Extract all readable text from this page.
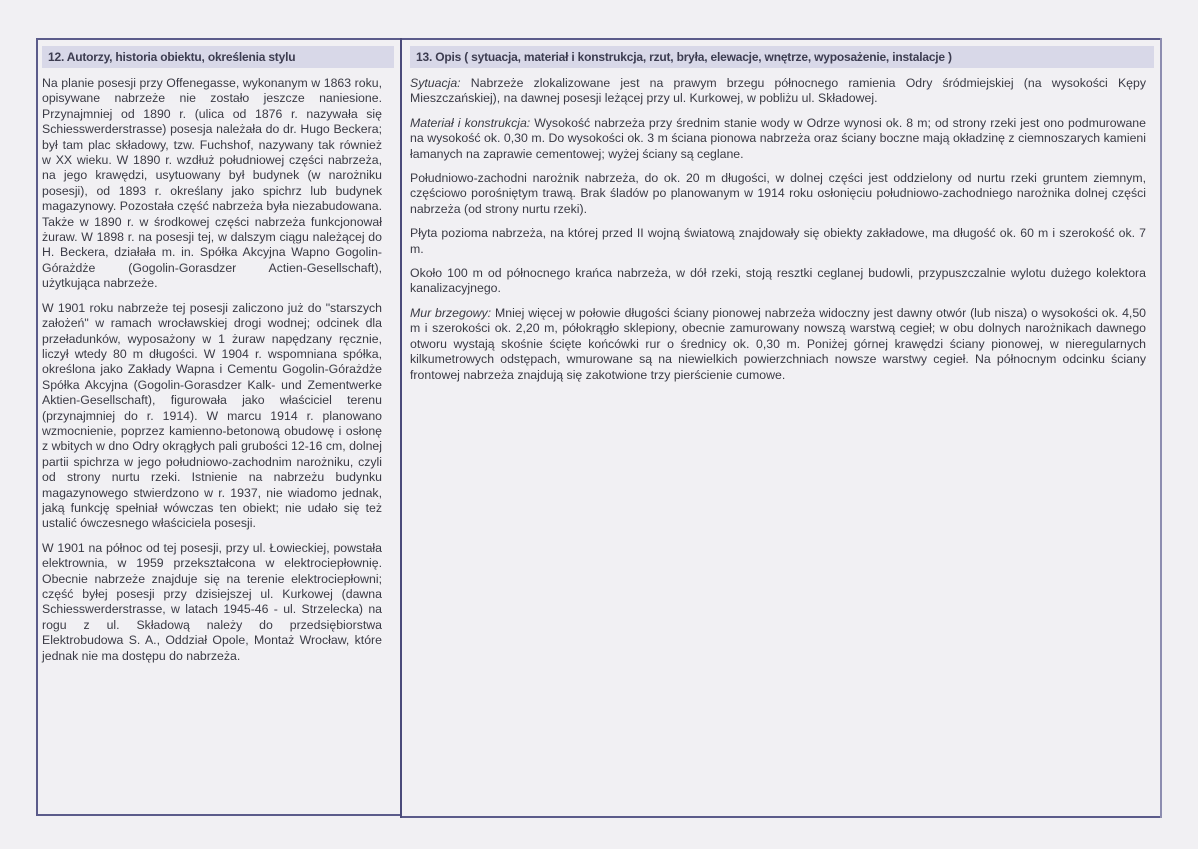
12. Autorzy, historia obiektu, określenia stylu	13. Opis ( sytuacja, materiał i konstrukcja, rzut, bryła, elewacje, wnętrze, wyposażenie, instalacje )

Na planie posesji przy Offenegasse, wykonanym w 1863 roku, opisywane nabrzeże nie zostało jeszcze naniesione. Przynajmniej od 1890 r. (ulica od 1876 r. nazywała się Schiesswerderstrasse) posesja należała do dr. Hugo Beckera; był tam plac składowy, tzw. Fuchshof, nazywany tak również w XX wieku. W 1890 r. wzdłuż południowej części nabrzeża, na jego krawędzi, usytuowany był budynek (w narożniku posesji), od 1893 r. określany jako spichrz lub budynek magazynowy. Pozostała część nabrzeża była niezabudowana. Także w 1890 r. w środkowej części nabrzeża funkcjonował żuraw. W 1898 r. na posesji tej, w dalszym ciągu należącej do H. Beckera, działała m. in. Spółka Akcyjna Wapno Gogolin-Górażdże (Gogolin-Gorasdzer Actien-Gesellschaft), użytkująca nabrzeże.

W 1901 roku nabrzeże tej posesji zaliczono już do "starszych założeń" w ramach wrocławskiej drogi wodnej; odcinek dla przeładunków, wyposażony w 1 żuraw napędzany ręcznie, liczył wtedy 80 m długości. W 1904 r. wspomniana spółka, określona jako Zakłady Wapna i Cementu Gogolin-Górażdże Spółka Akcyjna (Gogolin-Gorasdzer Kalk- und Zementwerke Aktien-Gesellschaft), figurowała jako właściciel terenu (przynajmniej do r. 1914). W marcu 1914 r. planowano wzmocnienie, poprzez kamienno-betonową obudowę i osłonę z wbitych w dno Odry okrągłych pali grubości 12-16 cm, dolnej partii spichrza w jego południowo-zachodnim narożniku, czyli od strony nurtu rzeki. Istnienie na nabrzeżu budynku magazynowego stwierdzono w r. 1937, nie wiadomo jednak, jaką funkcję spełniał wówczas ten obiekt; nie udało się też ustalić ówczesnego właściciela posesji.

W 1901 na północ od tej posesji, przy ul. Łowieckiej, powstała elektrownia, w 1959 przekształcona w elektrociepłownię. Obecnie nabrzeże znajduje się na terenie elektrociepłowni; część byłej posesji przy dzisiejszej ul. Kurkowej (dawna Schiesswerderstrasse, w latach 1945-46 - ul. Strzelecka) na rogu z ul. Składową należy do przedsiębiorstwa Elektrobudowa S. A., Oddział Opole, Montaż Wrocław, które jednak nie ma dostępu do nabrzeża.

Sytuacja: Nabrzeże zlokalizowane jest na prawym brzegu północnego ramienia Odry śródmiejskiej (na wysokości Kępy Mieszczańskiej), na dawnej posesji leżącej przy ul. Kurkowej, w pobliżu ul. Składowej.

Materiał i konstrukcja: Wysokość nabrzeża przy średnim stanie wody w Odrze wynosi ok. 8 m; od strony rzeki jest ono podmurowane na wysokość ok. 0,30 m. Do wysokości ok. 3 m ściana pionowa nabrzeża oraz ściany boczne mają okładzinę z ciemnoszarych kamieni łamanych na zaprawie cementowej; wyżej ściany są ceglane.

Południowo-zachodni narożnik nabrzeża, do ok. 20 m długości, w dolnej części jest oddzielony od nurtu rzeki gruntem ziemnym, częściowo porośniętym trawą. Brak śladów po planowanym w 1914 roku osłonięciu południowo-zachodniego narożnika dolnej części nabrzeża (od strony nurtu rzeki).

Płyta pozioma nabrzeża, na której przed II wojną światową znajdowały się obiekty zakładowe, ma długość ok. 60 m i szerokość ok. 7 m.

Około 100 m od północnego krańca nabrzeża, w dół rzeki, stoją resztki ceglanej budowli, przypuszczalnie wylotu dużego kolektora kanalizacyjnego.

Mur brzegowy: Mniej więcej w połowie długości ściany pionowej nabrzeża widoczny jest dawny otwór (lub nisza) o wysokości ok. 4,50 m i szerokości ok. 2,20 m, półokrągło sklepiony, obecnie zamurowany nowszą warstwą cegieł; w obu dolnych narożnikach dawnego otworu wystają skośnie ścięte końcówki rur o średnicy ok. 0,30 m. Poniżej górnej krawędzi ściany pionowej, w nieregularnych kilkumetrowych odstępach, wmurowane są na niewielkich powierzchniach nowsze warstwy cegieł. Na północnym odcinku ściany frontowej nabrzeża znajdują się zakotwione trzy pierścienie cumowe.
